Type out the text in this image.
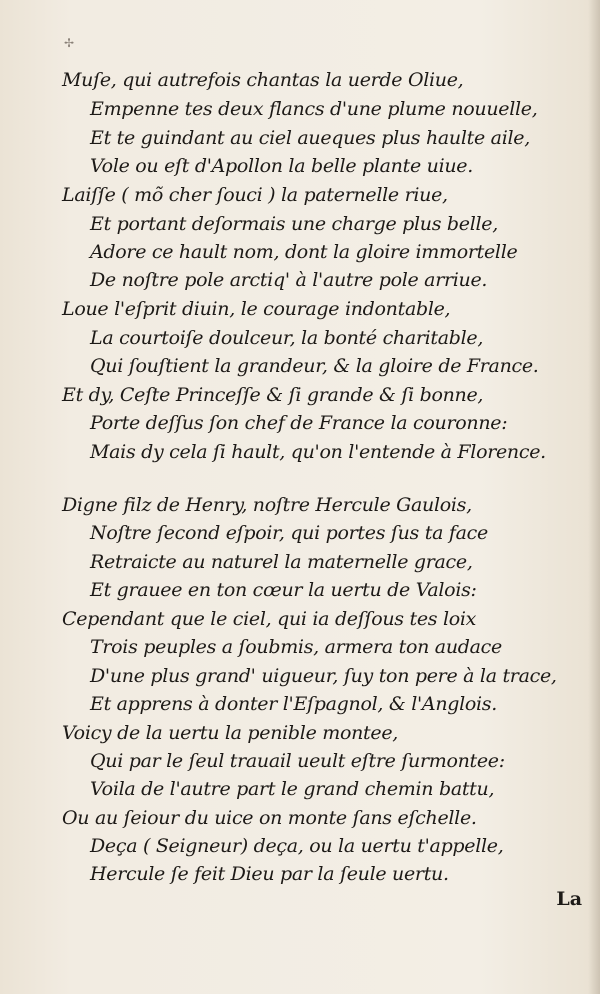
✢
Muſe, qui autrefois chantas la uerde Oliue,
Empenne tes deux flancs d'une plume nouuelle,
Et te guindant au ciel aueques plus haulte aile,
Vole ou eſt d'Apollon la belle plante uiue.
Laiſſe ( mõ cher ſouci ) la paternelle riue,
Et portant deſormais une charge plus belle,
Adore ce hault nom, dont la gloire immortelle
De noſtre pole arctiq' à l'autre pole arriue.
Loue l'eſprit diuin, le courage indontable,
La courtoiſe doulceur, la bonté charitable,
Qui ſouſtient la grandeur, & la gloire de France.
Et dy, Ceſte Princeſſe & ſi grande & ſi bonne,
Porte deſſus ſon chef de France la couronne:
Mais dy cela ſi hault, qu'on l'entende à Florence.
Digne filz de Henry, noſtre Hercule Gaulois,
Noſtre ſecond eſpoir, qui portes ſus ta face
Retraicte au naturel la maternelle grace,
Et grauee en ton cœur la uertu de Valois:
Cependant que le ciel, qui ia deſſous tes loix
Trois peuples a ſoubmis, armera ton audace
D'une plus grand' uigueur, ſuy ton pere à la trace,
Et apprens à donter l'Eſpagnol, & l'Anglois.
Voicy de la uertu la penible montee,
Qui par le ſeul trauail ueult eſtre ſurmontee:
Voila de l'autre part le grand chemin battu,
Ou au ſeiour du uice on monte ſans eſchelle.
Deça ( Seigneur) deça, ou la uertu t'appelle,
Hercule ſe feit Dieu par la ſeule uertu.
La
